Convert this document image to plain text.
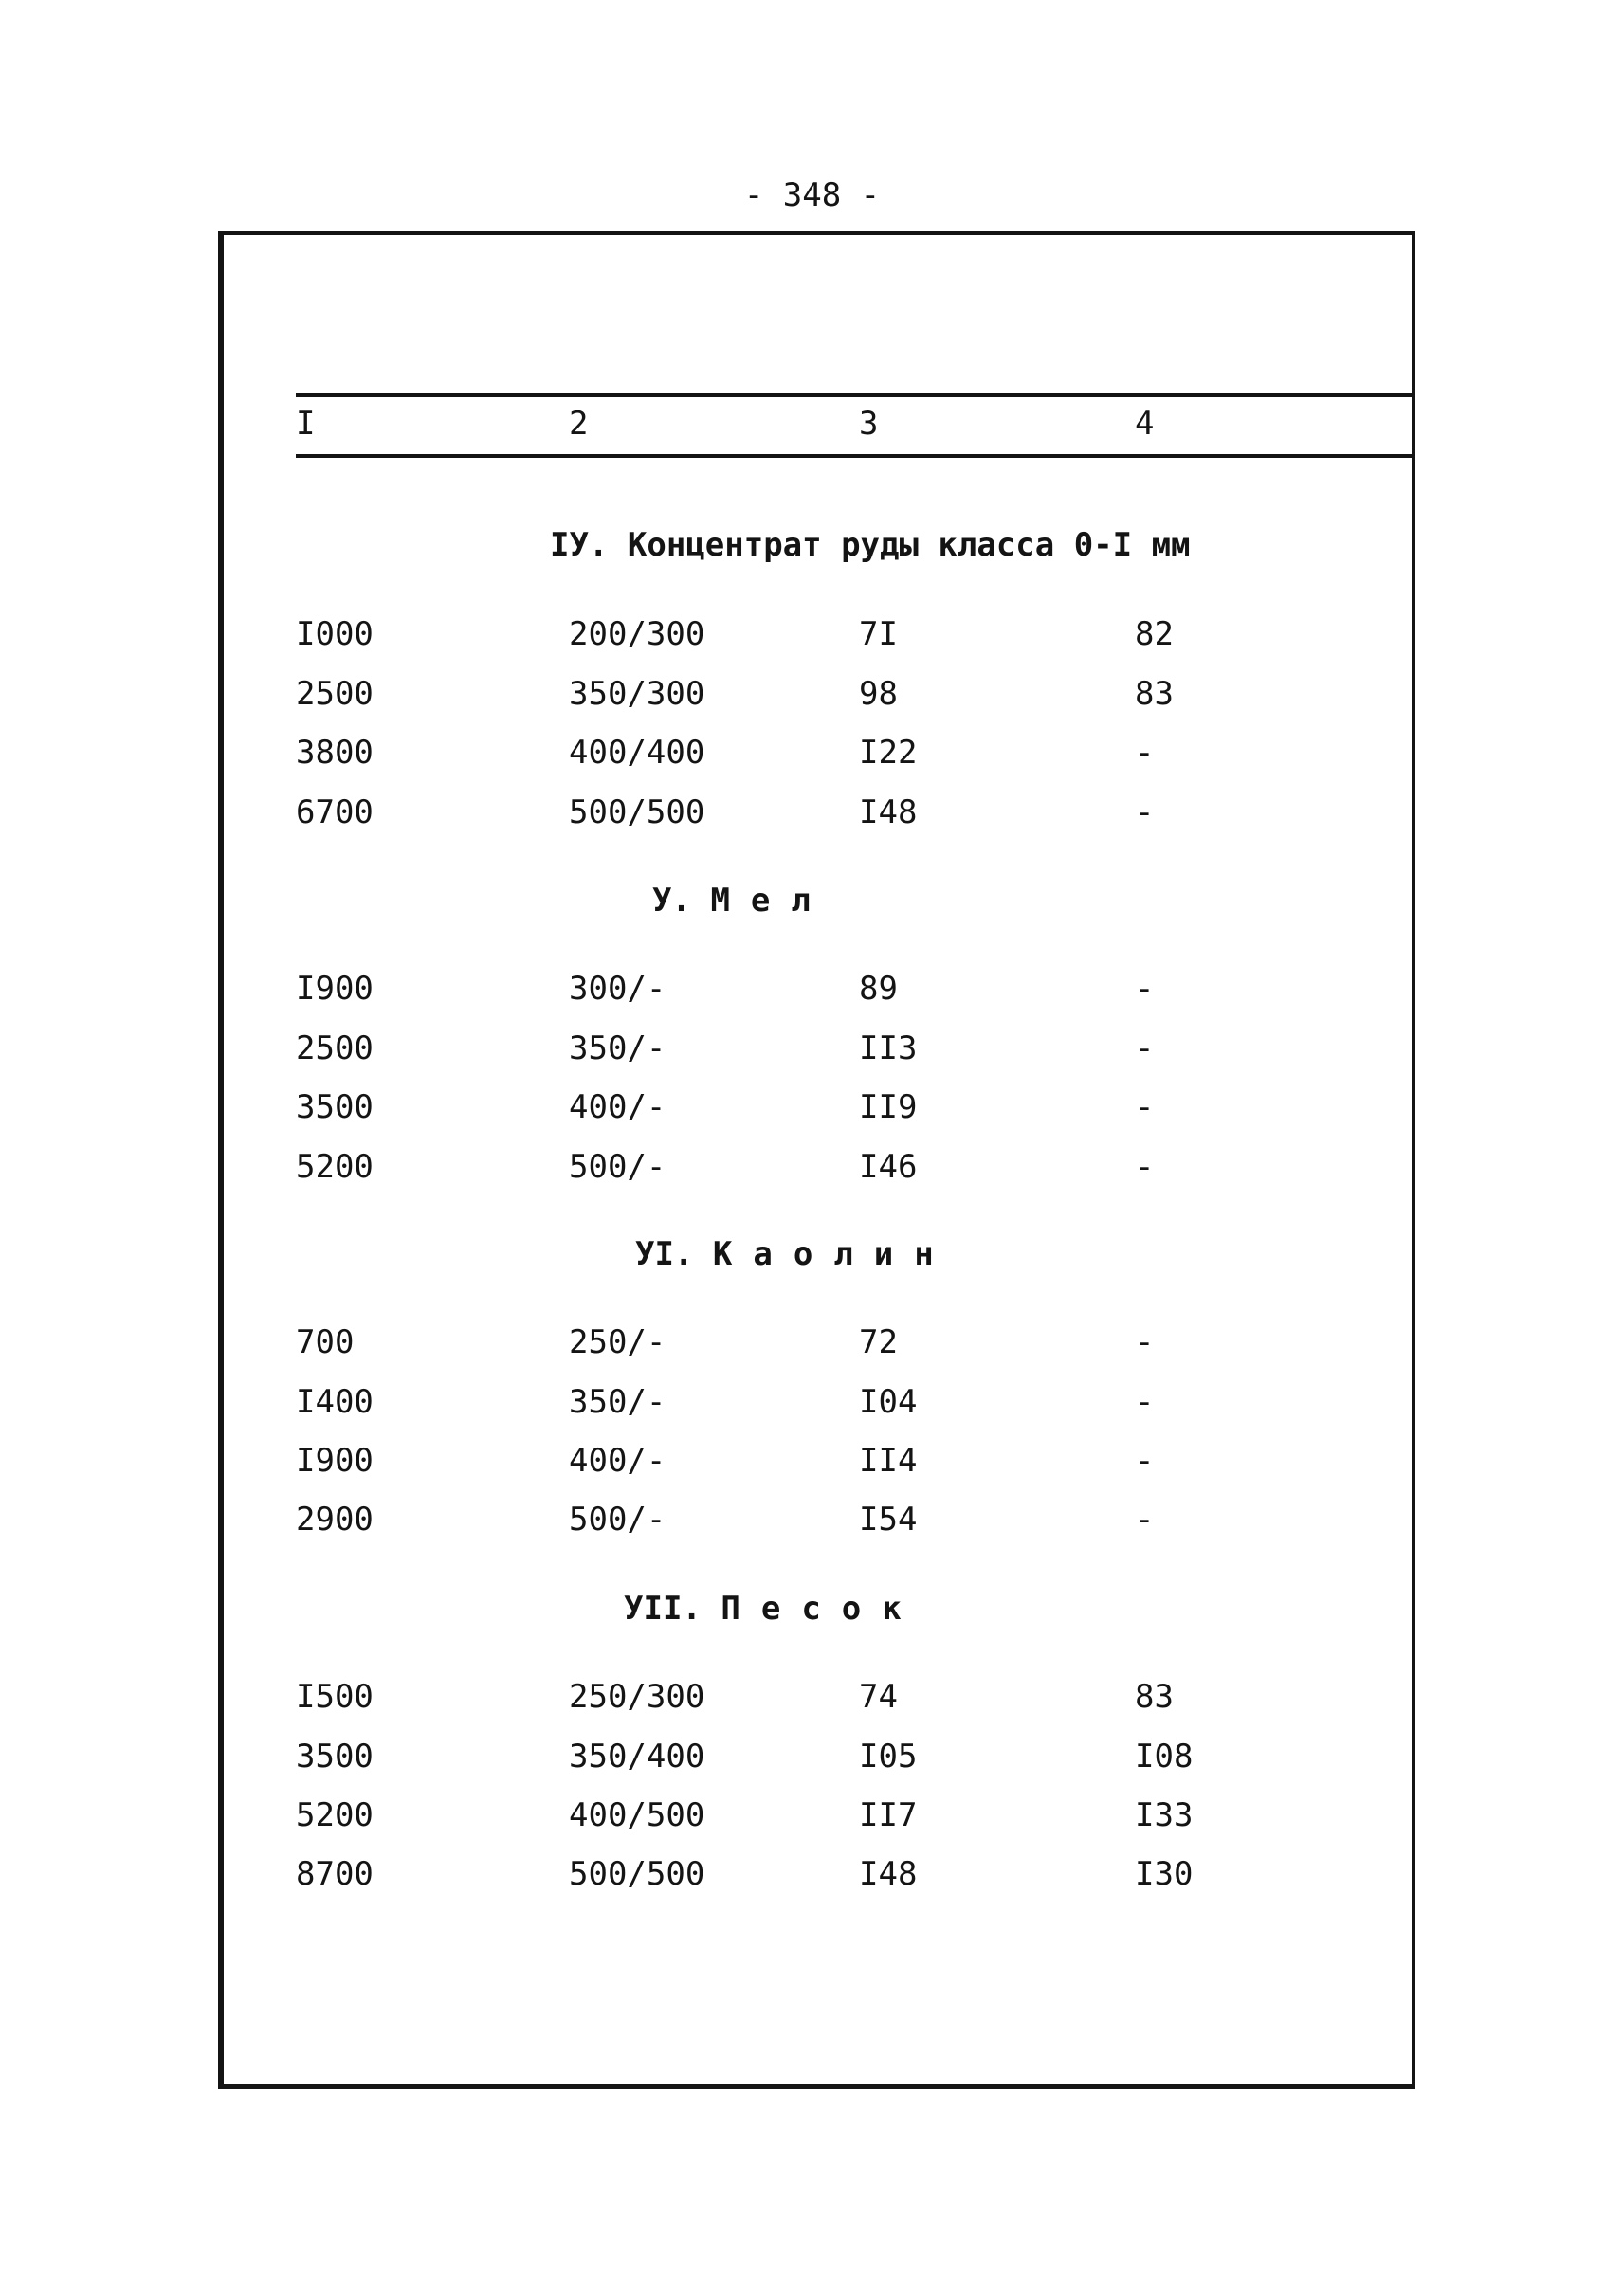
- 348 -
I	2	3	4
IУ. Концентрат руды класса 0-I мм
I000	200/300	7I	82
2500	350/300	98	83
3800	400/400	I22	-
6700	500/500	I48	-
У. Мел
I900	300/-	89	-
2500	350/-	II3	-
3500	400/-	II9	-
5200	500/-	I46	-
УI. Каолин
700	250/-	72	-
I400	350/-	I04	-
I900	400/-	II4	-
2900	500/-	I54	-
УII. Песок
I500	250/300	74	83
3500	350/400	I05	I08
5200	400/500	II7	I33
8700	500/500	I48	I30
